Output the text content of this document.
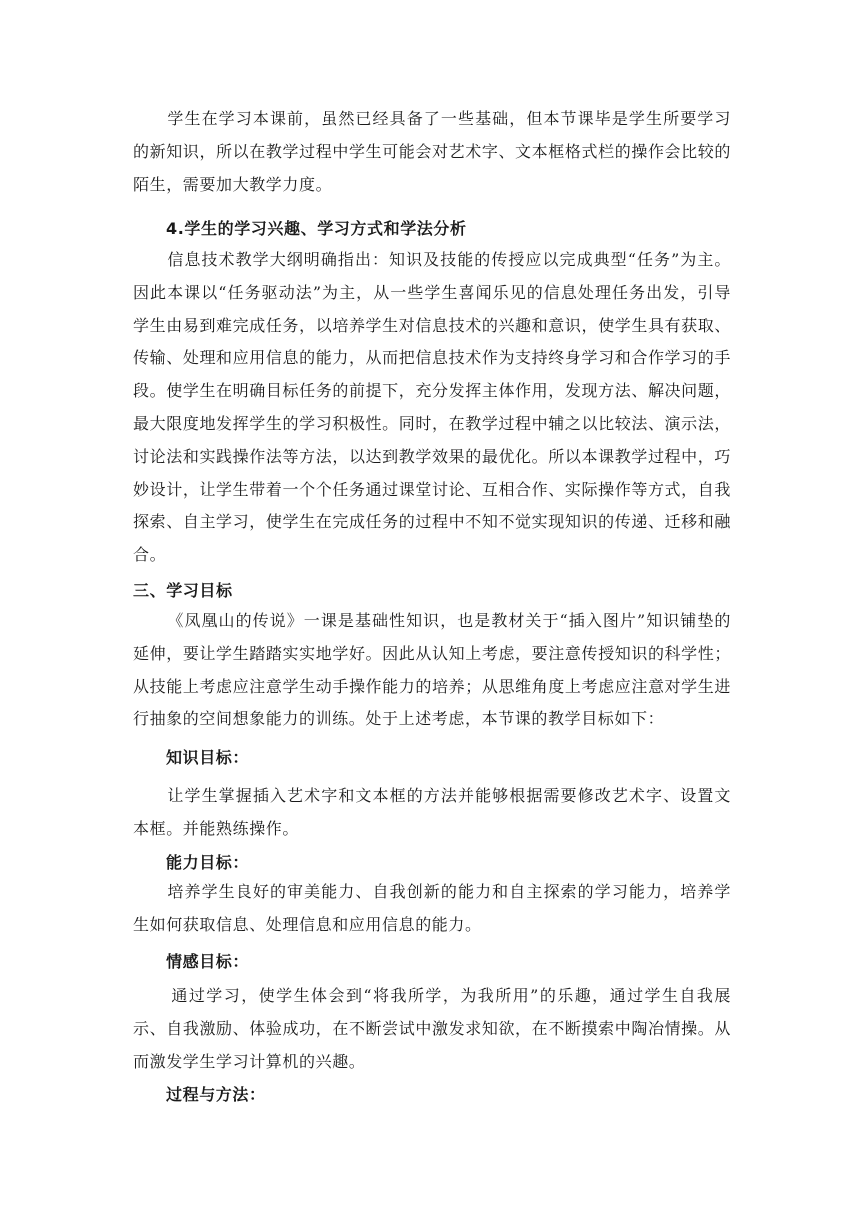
学生在学习本课前，虽然已经具备了一些基础，但本节课毕是学生所要学习的新知识，所以在教学过程中学生可能会对艺术字、文本框格式栏的操作会比较的陌生，需要加大教学力度。
4.学生的学习兴趣、学习方式和学法分析
信息技术教学大纲明确指出：知识及技能的传授应以完成典型“任务”为主。因此本课以“任务驱动法”为主，从一些学生喜闻乐见的信息处理任务出发，引导学生由易到难完成任务，以培养学生对信息技术的兴趣和意识，使学生具有获取、传输、处理和应用信息的能力，从而把信息技术作为支持终身学习和合作学习的手段。使学生在明确目标任务的前提下，充分发挥主体作用，发现方法、解决问题，最大限度地发挥学生的学习积极性。同时，在教学过程中辅之以比较法、演示法，讨论法和实践操作法等方法，以达到教学效果的最优化。所以本课教学过程中，巧妙设计，让学生带着一个个任务通过课堂讨论、互相合作、实际操作等方式，自我探索、自主学习，使学生在完成任务的过程中不知不觉实现知识的传递、迁移和融合。
三、学习目标
《凤凰山的传说》一课是基础性知识，也是教材关于“插入图片”知识铺垫的延伸，要让学生踏踏实实地学好。因此从认知上考虑，要注意传授知识的科学性；从技能上考虑应注意学生动手操作能力的培养；从思维角度上考虑应注意对学生进行抽象的空间想象能力的训练。处于上述考虑，本节课的教学目标如下：
知识目标：
让学生掌握插入艺术字和文本框的方法并能够根据需要修改艺术字、设置文本框。并能熟练操作。
能力目标：
培养学生良好的审美能力、自我创新的能力和自主探索的学习能力，培养学生如何获取信息、处理信息和应用信息的能力。
情感目标：
通过学习，使学生体会到“将我所学，为我所用”的乐趣，通过学生自我展示、自我激励、体验成功，在不断尝试中激发求知欲，在不断摸索中陶冶情操。从而激发学生学习计算机的兴趣。
过程与方法：
